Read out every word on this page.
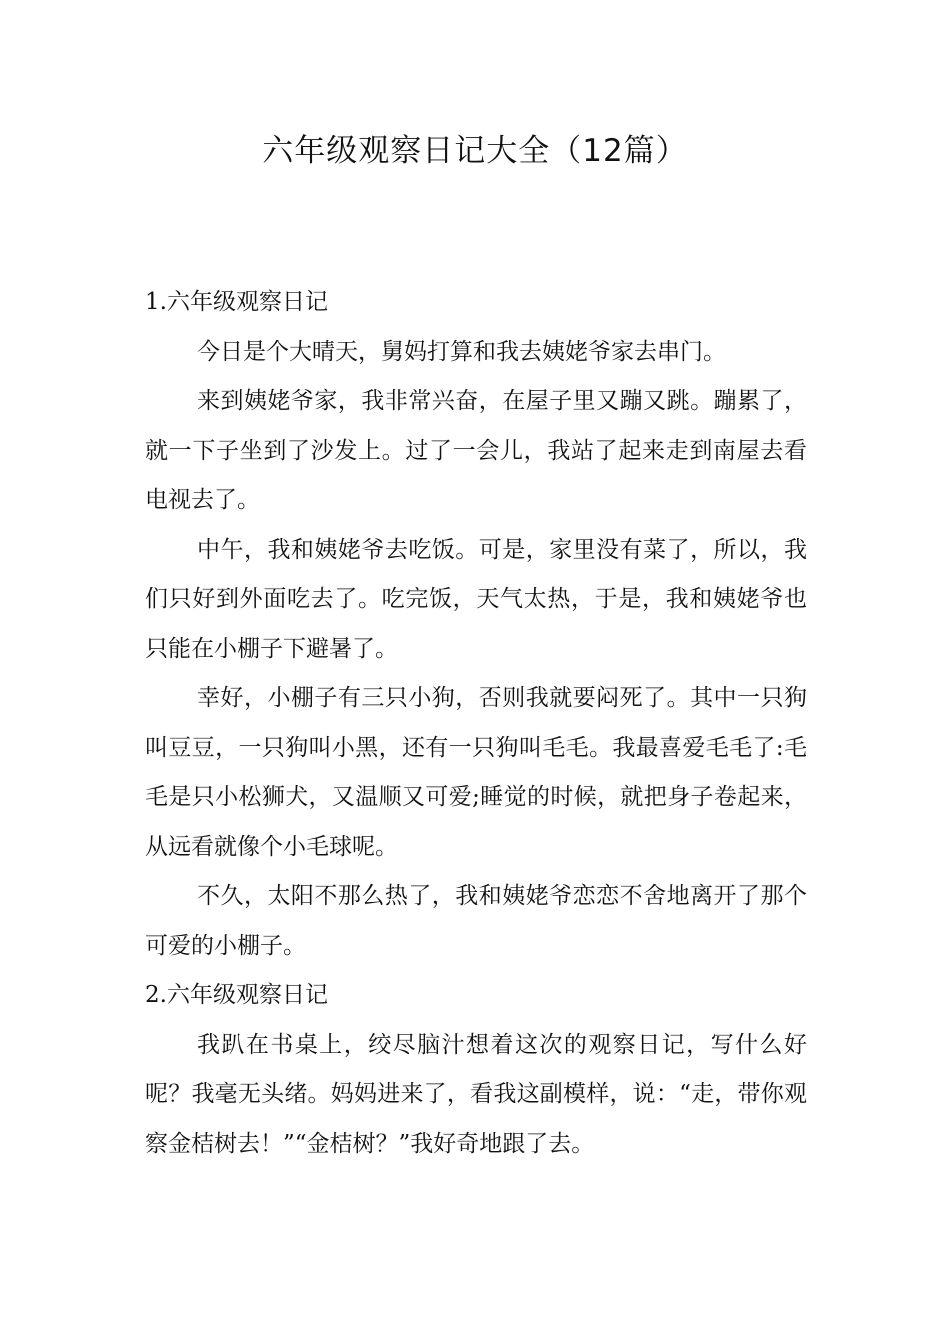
六年级观察日记大全（12篇）

1.六年级观察日记

今日是个大晴天，舅妈打算和我去姨姥爷家去串门。

来到姨姥爷家，我非常兴奋，在屋子里又蹦又跳。蹦累了，就一下子坐到了沙发上。过了一会儿，我站了起来走到南屋去看电视去了。

中午，我和姨姥爷去吃饭。可是，家里没有菜了，所以，我们只好到外面吃去了。吃完饭，天气太热，于是，我和姨姥爷也只能在小棚子下避暑了。

幸好，小棚子有三只小狗，否则我就要闷死了。其中一只狗叫豆豆，一只狗叫小黑，还有一只狗叫毛毛。我最喜爱毛毛了:毛毛是只小松狮犬，又温顺又可爱;睡觉的时候，就把身子卷起来，从远看就像个小毛球呢。

不久，太阳不那么热了，我和姨姥爷恋恋不舍地离开了那个可爱的小棚子。

2.六年级观察日记

我趴在书桌上，绞尽脑汁想着这次的观察日记，写什么好呢？我毫无头绪。妈妈进来了，看我这副模样，说：“走，带你观察金桔树去！”“金桔树？”我好奇地跟了去。
